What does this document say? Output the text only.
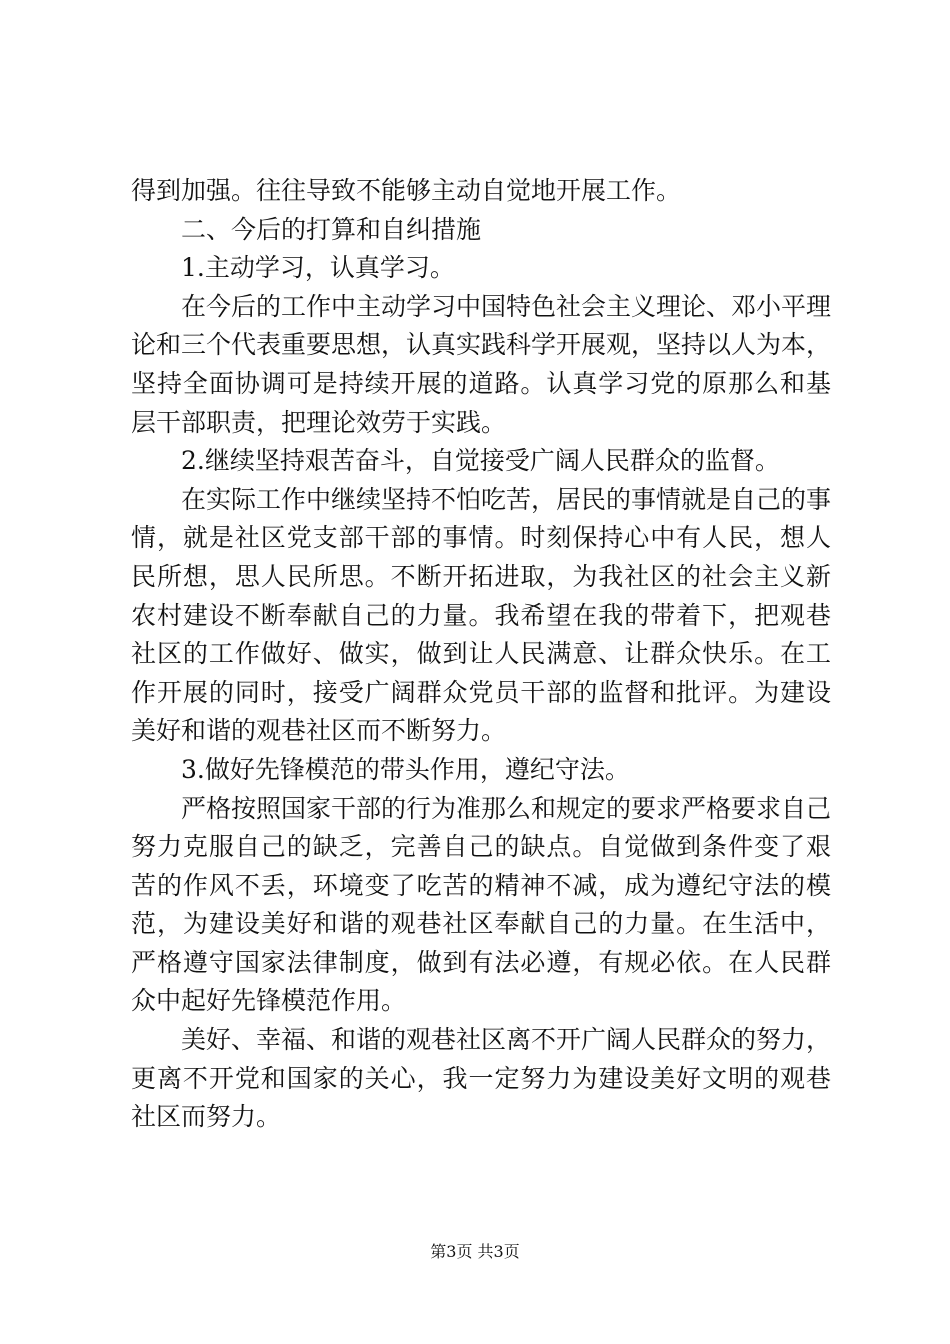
得到加强。往往导致不能够主动自觉地开展工作。
　　二、今后的打算和自纠措施
　　1.主动学习，认真学习。
　　在今后的工作中主动学习中国特色社会主义理论、邓小平理
论和三个代表重要思想，认真实践科学开展观，坚持以人为本，
坚持全面协调可是持续开展的道路。认真学习党的原那么和基
层干部职责，把理论效劳于实践。
　　2.继续坚持艰苦奋斗，自觉接受广阔人民群众的监督。
　　在实际工作中继续坚持不怕吃苦，居民的事情就是自己的事
情，就是社区党支部干部的事情。时刻保持心中有人民，想人
民所想，思人民所思。不断开拓进取，为我社区的社会主义新
农村建设不断奉献自己的力量。我希望在我的带着下，把观巷
社区的工作做好、做实，做到让人民满意、让群众快乐。在工
作开展的同时，接受广阔群众党员干部的监督和批评。为建设
美好和谐的观巷社区而不断努力。
　　3.做好先锋模范的带头作用，遵纪守法。
　　严格按照国家干部的行为准那么和规定的要求严格要求自己
努力克服自己的缺乏，完善自己的缺点。自觉做到条件变了艰
苦的作风不丢，环境变了吃苦的精神不减，成为遵纪守法的模
范，为建设美好和谐的观巷社区奉献自己的力量。在生活中，
严格遵守国家法律制度，做到有法必遵，有规必依。在人民群
众中起好先锋模范作用。
　　美好、幸福、和谐的观巷社区离不开广阔人民群众的努力，
更离不开党和国家的关心，我一定努力为建设美好文明的观巷
社区而努力。
第3页 共3页
